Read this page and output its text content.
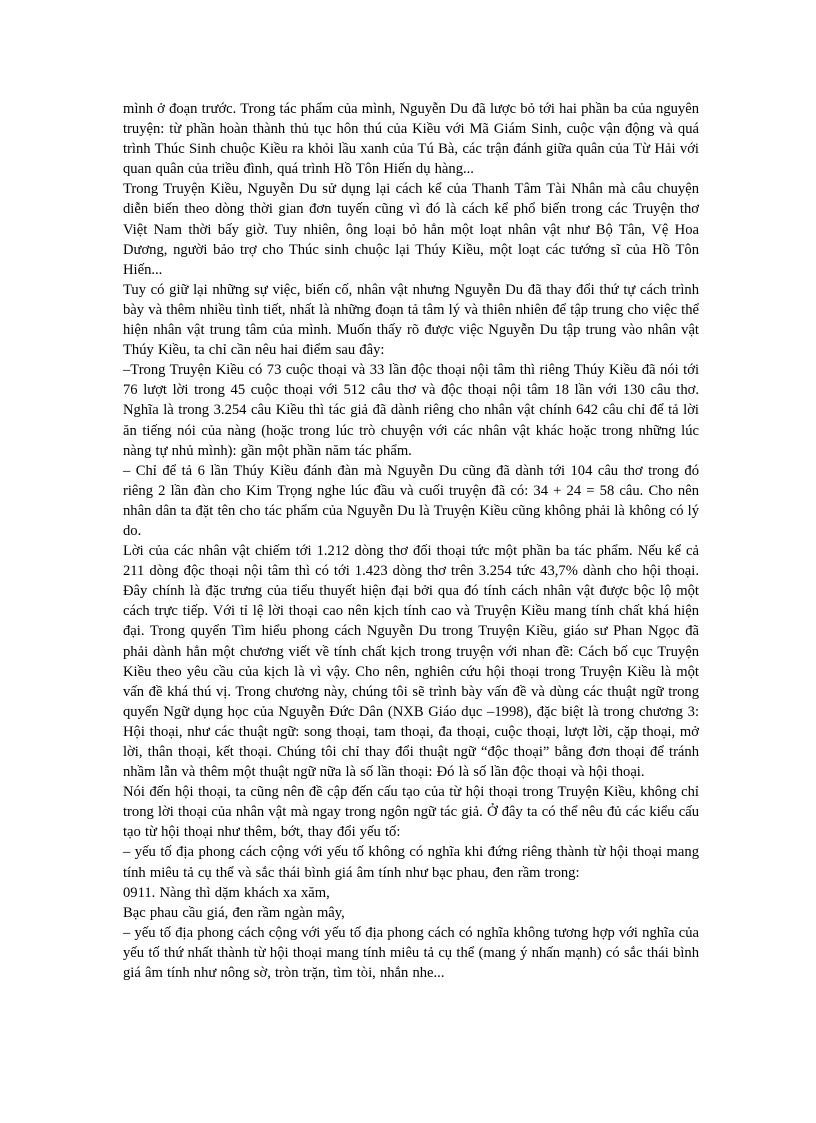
mình ở đoạn trước. Trong tác phẩm của mình, Nguyễn Du đã lược bỏ tới hai phần ba của nguyên truyện: từ phần hoàn thành thủ tục hôn thú của Kiều với Mã Giám Sinh, cuộc vận động và quá trình Thúc Sinh chuộc Kiều ra khỏi lầu xanh của Tú Bà, các trận đánh giữa quân của Từ Hải với quan quân của triều đình, quá trình Hồ Tôn Hiến dụ hàng...

Trong Truyện Kiều, Nguyễn Du sử dụng lại cách kể của Thanh Tâm Tài Nhân mà câu chuyện diễn biến theo dòng thời gian đơn tuyến cũng vì đó là cách kể phổ biến trong các Truyện thơ Việt Nam thời bấy giờ. Tuy nhiên, ông loại bỏ hẳn một loạt nhân vật như Bộ Tân, Vệ Hoa Dương, người bảo trợ cho Thúc sinh chuộc lại Thúy Kiều, một loạt các tướng sĩ của Hồ Tôn Hiến...

Tuy có giữ lại những sự việc, biến cố, nhân vật nhưng Nguyễn Du đã thay đổi thứ tự cách trình bày và thêm nhiều tình tiết, nhất là những đoạn tả tâm lý và thiên nhiên để tập trung cho việc thể hiện nhân vật trung tâm của mình. Muốn thấy rõ được việc Nguyễn Du tập trung vào nhân vật Thúy Kiều, ta chỉ cần nêu hai điểm sau đây:

–Trong Truyện Kiều có 73 cuộc thoại và 33 lần độc thoại nội tâm thì riêng Thúy Kiều đã nói tới 76 lượt lời trong 45 cuộc thoại với 512 câu thơ và độc thoại nội tâm 18 lần với 130 câu thơ. Nghĩa là trong 3.254 câu Kiều thì tác giả đã dành riêng cho nhân vật chính 642 câu chỉ để tả lời ăn tiếng nói của nàng (hoặc trong lúc trò chuyện với các nhân vật khác hoặc trong những lúc nàng tự nhủ mình): gần một phần năm tác phẩm.

– Chỉ để tả 6 lần Thúy Kiều đánh đàn mà Nguyễn Du cũng đã dành tới 104 câu thơ trong đó riêng 2 lần đàn cho Kim Trọng nghe lúc đầu và cuối truyện đã có: 34 + 24 = 58 câu. Cho nên nhân dân ta đặt tên cho tác phẩm của Nguyễn Du là Truyện Kiều cũng không phải là không có lý do.

Lời của các nhân vật chiếm tới 1.212 dòng thơ đối thoại tức một phần ba tác phẩm. Nếu kể cả 211 dòng độc thoại nội tâm thì có tới 1.423 dòng thơ trên 3.254 tức 43,7% dành cho hội thoại. Đây chính là đặc trưng của tiểu thuyết hiện đại bởi qua đó tính cách nhân vật được bộc lộ một cách trực tiếp. Với tỉ lệ lời thoại cao nên kịch tính cao và Truyện Kiều mang tính chất khá hiện đại. Trong quyển Tìm hiểu phong cách Nguyễn Du trong Truyện Kiều, giáo sư Phan Ngọc đã phải dành hẳn một chương viết về tính chất kịch trong truyện với nhan đề: Cách bố cục Truyện Kiều theo yêu cầu của kịch là vì vậy. Cho nên, nghiên cứu hội thoại trong Truyện Kiều là một vấn đề khá thú vị. Trong chương này, chúng tôi sẽ trình bày vấn đề và dùng các thuật ngữ trong quyển Ngữ dụng học của Nguyễn Đức Dân (NXB Giáo dục –1998), đặc biệt là trong chương 3: Hội thoại, như các thuật ngữ: song thoại, tam thoại, đa thoại, cuộc thoại, lượt lời, cặp thoại, mở lời, thân thoại, kết thoại. Chúng tôi chỉ thay đổi thuật ngữ “độc thoại” bằng đơn thoại để tránh nhầm lẫn và thêm một thuật ngữ nữa là số lần thoại: Đó là số lần độc thoại và hội thoại.

Nói đến hội thoại, ta cũng nên đề cập đến cấu tạo của từ hội thoại trong Truyện Kiều, không chỉ trong lời thoại của nhân vật mà ngay trong ngôn ngữ tác giả. Ở đây ta có thể nêu đủ các kiểu cấu tạo từ hội thoại như thêm, bớt, thay đổi yếu tố:

– yếu tố địa phong cách cộng với yếu tố không có nghĩa khi đứng riêng thành từ hội thoại mang tính miêu tả cụ thể và sắc thái bình giá âm tính như bạc phau, đen rầm trong:

0911. Nàng thì dặm khách xa xăm,

Bạc phau cầu giá, đen rầm ngàn mây,

– yếu tố địa phong cách cộng với yếu tố địa phong cách có nghĩa không tương hợp với nghĩa của yếu tố thứ nhất thành từ hội thoại mang tính miêu tả cụ thể (mang ý nhấn mạnh) có sắc thái bình giá âm tính như nông sờ, tròn trặn, tìm tòi, nhắn nhe...
